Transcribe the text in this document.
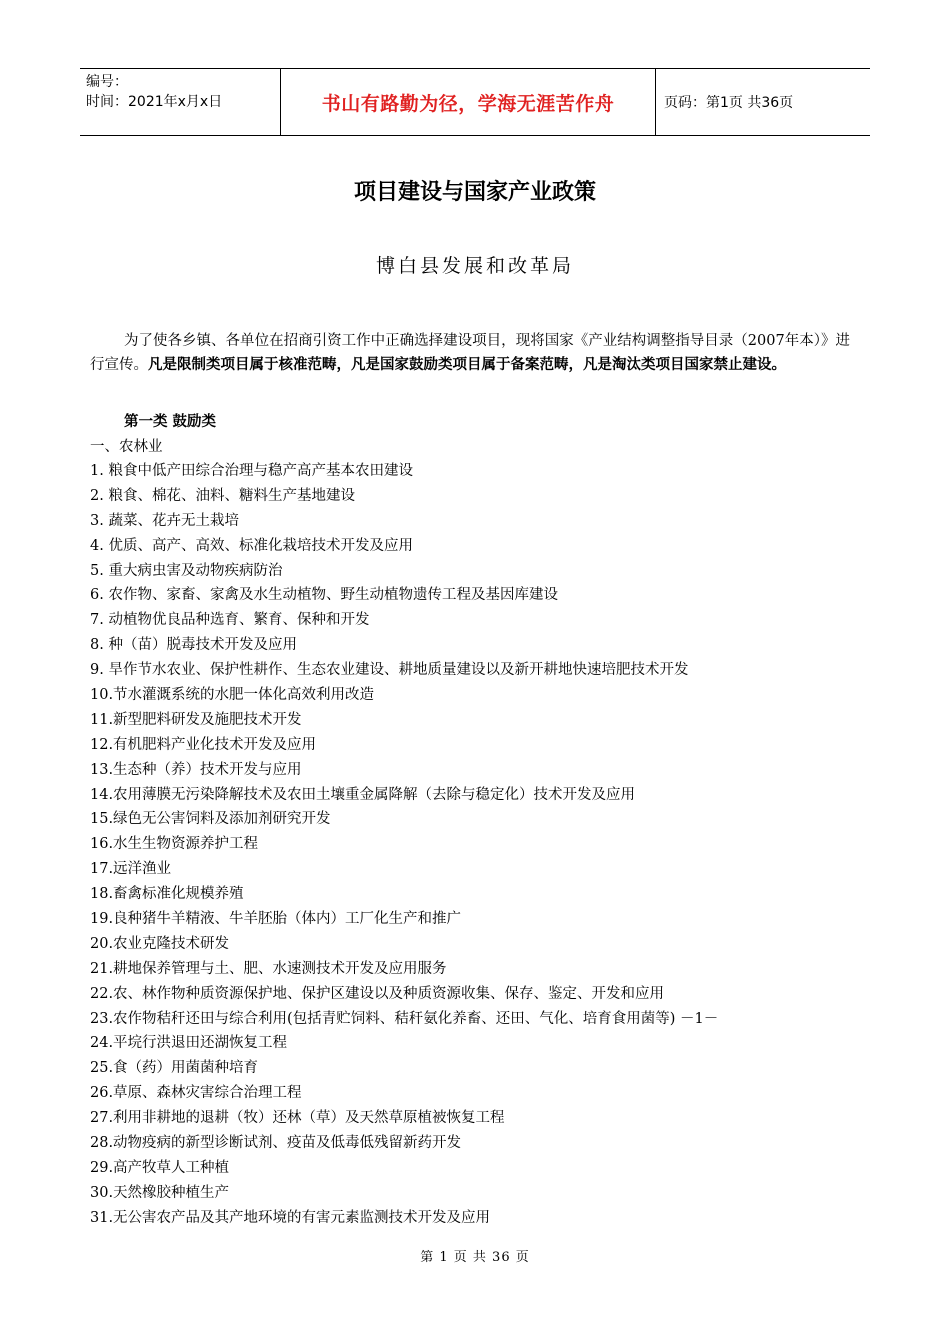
编号：
时间：2021年x月x日	书山有路勤为径，学海无涯苦作舟	页码：第1页 共36页
项目建设与国家产业政策
博白县发展和改革局

为了使各乡镇、各单位在招商引资工作中正确选择建设项目，现将国家《产业结构调整指导目录（2007年本）》进行宣传。凡是限制类项目属于核准范畴，凡是国家鼓励类项目属于备案范畴，凡是淘汰类项目国家禁止建设。

第一类 鼓励类
一、农林业
1. 粮食中低产田综合治理与稳产高产基本农田建设
2. 粮食、棉花、油料、糖料生产基地建设
3. 蔬菜、花卉无土栽培
4. 优质、高产、高效、标准化栽培技术开发及应用
5. 重大病虫害及动物疾病防治
6. 农作物、家畜、家禽及水生动植物、野生动植物遗传工程及基因库建设
7. 动植物优良品种选育、繁育、保种和开发
8. 种（苗）脱毒技术开发及应用
9. 旱作节水农业、保护性耕作、生态农业建设、耕地质量建设以及新开耕地快速培肥技术开发
10.节水灌溉系统的水肥一体化高效利用改造
11.新型肥料研发及施肥技术开发
12.有机肥料产业化技术开发及应用
13.生态种（养）技术开发与应用
14.农用薄膜无污染降解技术及农田土壤重金属降解（去除与稳定化）技术开发及应用
15.绿色无公害饲料及添加剂研究开发
16.水生生物资源养护工程
17.远洋渔业
18.畜禽标准化规模养殖
19.良种猪牛羊精液、牛羊胚胎（体内）工厂化生产和推广
20.农业克隆技术研发
21.耕地保养管理与土、肥、水速测技术开发及应用服务
22.农、林作物种质资源保护地、保护区建设以及种质资源收集、保存、鉴定、开发和应用
23.农作物秸秆还田与综合利用(包括青贮饲料、秸秆氨化养畜、还田、气化、培育食用菌等) －1－
24.平垸行洪退田还湖恢复工程
25.食（药）用菌菌种培育
26.草原、森林灾害综合治理工程
27.利用非耕地的退耕（牧）还林（草）及天然草原植被恢复工程
28.动物疫病的新型诊断试剂、疫苗及低毒低残留新药开发
29.高产牧草人工种植
30.天然橡胶种植生产
31.无公害农产品及其产地环境的有害元素监测技术开发及应用
第 1 页 共 36 页
